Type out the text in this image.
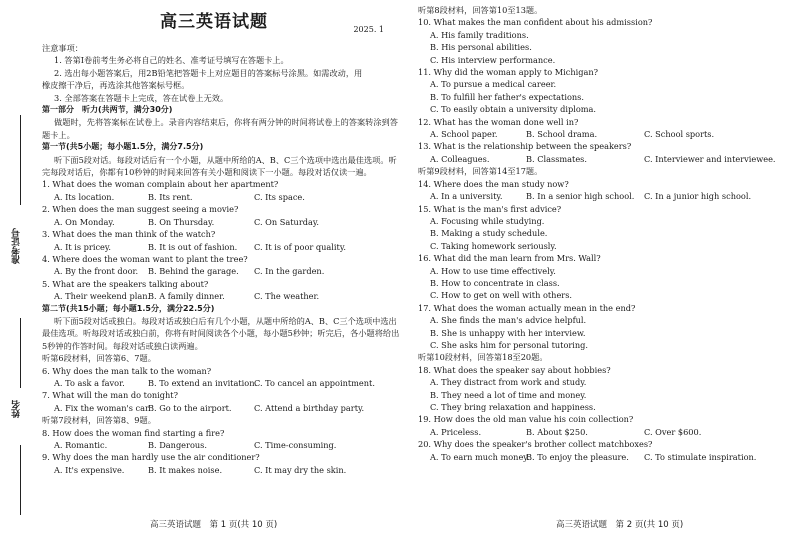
准考证号
姓名
高三英语试题	2025. 1
注意事项：
1. 答第Ⅰ卷前考生务必将自己的姓名、准考证号填写在答题卡上。
2. 选出每小题答案后，用2B铅笔把答题卡上对应题目的答案标号涂黑。如需改动，用
橡皮擦干净后，再选涂其他答案标号框。
3. 全部答案在答题卡上完成，答在试卷上无效。
第一部分　听力(共两节，满分30分)
做题时，先将答案标在试卷上。录音内容结束后，你将有两分钟的时间将试卷上的答案转涂到答题卡上。
第一节(共5小题；每小题1.5分，满分7.5分)
听下面5段对话。每段对话后有一个小题，从题中所给的A、B、C三个选项中选出最佳选项。听完每段对话后，你都有10秒钟的时间来回答有关小题和阅读下一小题。每段对话仅读一遍。
1. What does the woman complain about her apartment?
A. Its location.	B. Its rent.	C. Its space.
2. When does the man suggest seeing a movie?
A. On Monday.	B. On Thursday.	C. On Saturday.
3. What does the man think of the watch?
A. It is pricey.	B. It is out of fashion.	C. It is of poor quality.
4. Where does the woman want to plant the tree?
A. By the front door.	B. Behind the garage.	C. In the garden.
5. What are the speakers talking about?
A. Their weekend plan.
B. A family dinner.	C. The weather.
第二节(共15小题；每小题1.5分，满分22.5分)
听下面5段对话或独白。每段对话或独白后有几个小题，从题中所给的A、B、C三个选项中选出最佳选项。听每段对话或独白前，你将有时间阅读各个小题，每小题5秒钟；听完后，各小题将给出5秒钟的作答时间。每段对话或独白读两遍。
听第6段材料，回答第6、7题。
6. Why does the man talk to the woman?
A. To ask a favor.	B. To extend an invitation.
C. To cancel an appointment.
7. What will the man do tonight?
A. Fix the woman's car.
B. Go to the airport.	C. Attend a birthday party.
听第7段材料，回答第8、9题。
8. How does the woman find starting a fire?
A. Romantic.	B. Dangerous.	C. Time-consuming.
9. Why does the man hardly use the air conditioner?
A. It's expensive.	B. It makes noise.	C. It may dry the skin.
听第8段材料，回答第10至13题。
10. What makes the man confident about his admission?
A. His family traditions.
B. His personal abilities.
C. His interview performance.
11. Why did the woman apply to Michigan?
A. To pursue a medical career.
B. To fulfill her father's expectations.
C. To easily obtain a university diploma.
12. What has the woman done well in?
A. School paper.	B. School drama.	C. School sports.
13. What is the relationship between the speakers?
A. Colleagues.	B. Classmates.	C. Interviewer and interviewee.
听第9段材料，回答第14至17题。
14. Where does the man study now?
A. In a university.	B. In a senior high school.	C. In a junior high school.
15. What is the man's first advice?
A. Focusing while studying.
B. Making a study schedule.
C. Taking homework seriously.
16. What did the man learn from Mrs. Wall?
A. How to use time effectively.
B. How to concentrate in class.
C. How to get on well with others.
17. What does the woman actually mean in the end?
A. She finds the man's advice helpful.
B. She is unhappy with her interview.
C. She asks him for personal tutoring.
听第10段材料，回答第18至20题。
18. What does the speaker say about hobbies?
A. They distract from work and study.
B. They need a lot of time and money.
C. They bring relaxation and happiness.
19. How does the old man value his coin collection?
A. Priceless.	B. About $250.	C. Over $600.
20. Why does the speaker's brother collect matchboxes?
A. To earn much money.
B. To enjoy the pleasure.	C. To stimulate inspiration.
高三英语试题　第 1 页(共 10 页)	高三英语试题　第 2 页(共 10 页)
